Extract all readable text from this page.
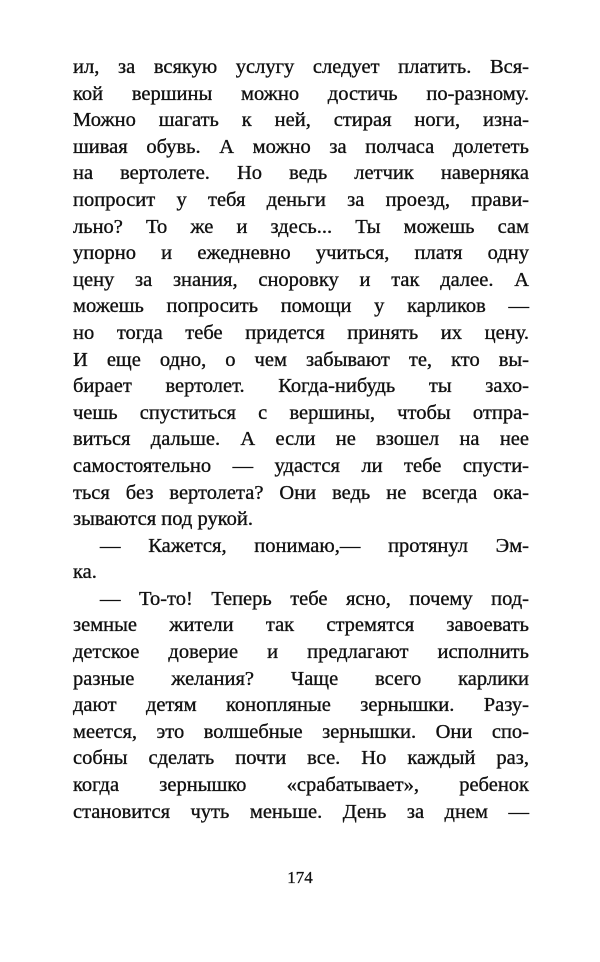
ил, за всякую услугу следует платить. Вся-
кой вершины можно достичь по-разному.
Можно шагать к ней, стирая ноги, изна-
шивая обувь. А можно за полчаса долететь
на вертолете. Но ведь летчик наверняка
попросит у тебя деньги за проезд, прави-
льно? То же и здесь... Ты можешь сам
упорно и ежедневно учиться, платя одну
цену за знания, сноровку и так далее. А
можешь попросить помощи у карликов —
но тогда тебе придется принять их цену.
И еще одно, о чем забывают те, кто вы-
бирает вертолет. Когда-нибудь ты захо-
чешь спуститься с вершины, чтобы отпра-
виться дальше. А если не взошел на нее
самостоятельно — удастся ли тебе спусти-
ться без вертолета? Они ведь не всегда ока-
зываются под рукой.
— Кажется, понимаю,— протянул Эм-
ка.
— То-то! Теперь тебе ясно, почему под-
земные жители так стремятся завоевать
детское доверие и предлагают исполнить
разные желания? Чаще всего карлики
дают детям конопляные зернышки. Разу-
меется, это волшебные зернышки. Они спо-
собны сделать почти все. Но каждый раз,
когда зернышко «срабатывает», ребенок
становится чуть меньше. День за днем —
174
